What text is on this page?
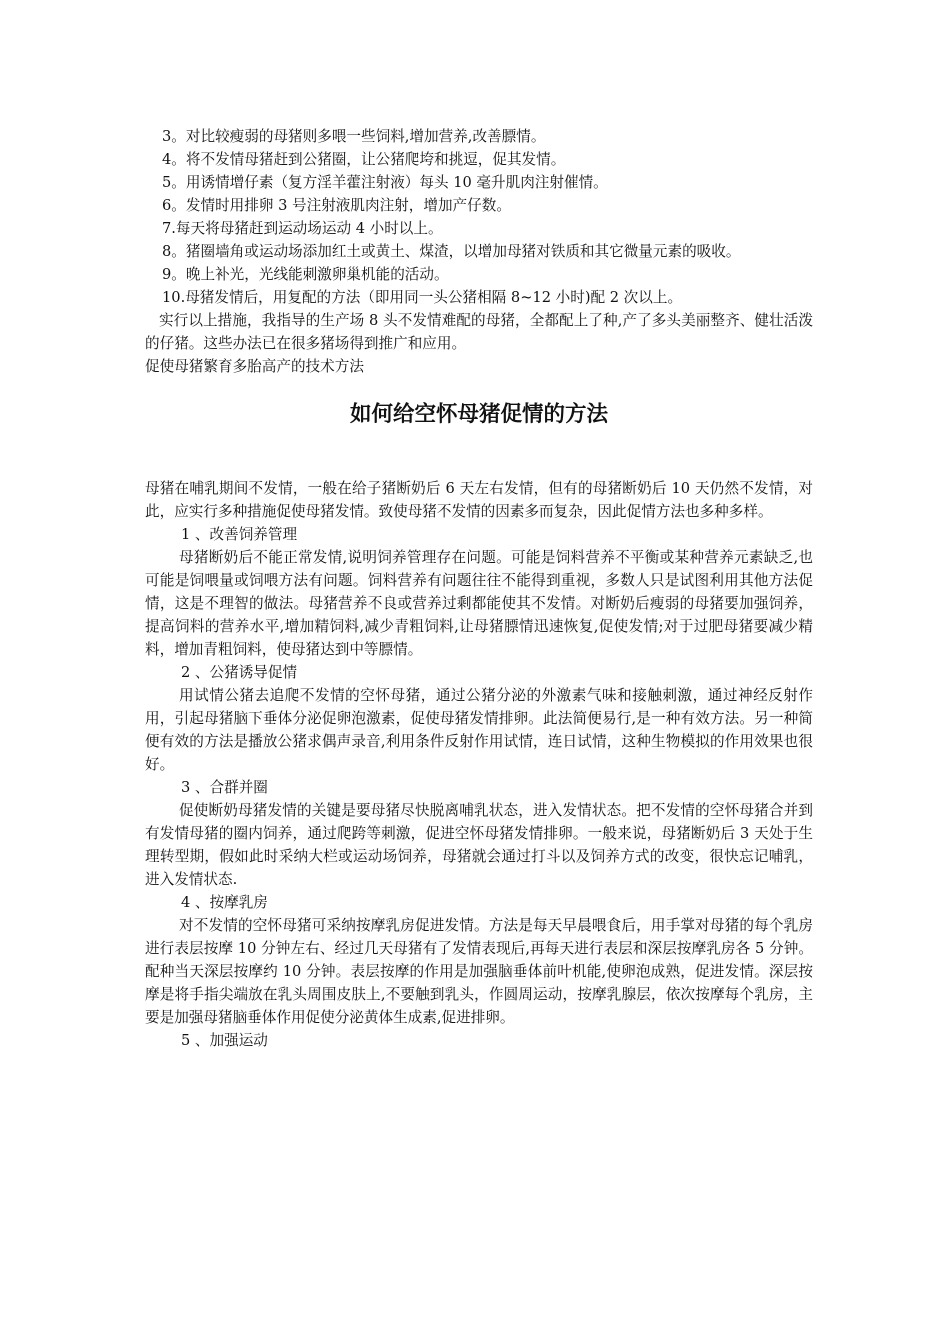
3。对比较瘦弱的母猪则多喂一些饲料,增加营养,改善膘情。
4。将不发情母猪赶到公猪圈，让公猪爬垮和挑逗，促其发情。
5。用诱情增仔素（复方淫羊藿注射液）每头 10 毫升肌肉注射催情。
6。发情时用排卵 3 号注射液肌肉注射，增加产仔数。
7.每天将母猪赶到运动场运动 4 小时以上。
8。猪圈墙角或运动场添加红土或黄土、煤渣，以增加母猪对铁质和其它微量元素的吸收。
9。晚上补光，光线能刺激卵巢机能的活动。
10.母猪发情后，用复配的方法（即用同一头公猪相隔 8~12 小时)配 2 次以上。

实行以上措施，我指导的生产场 8 头不发情难配的母猪，全都配上了种,产了多头美丽整齐、健壮活泼的仔猪。这些办法已在很多猪场得到推广和应用。

促使母猪繁育多胎高产的技术方法
如何给空怀母猪促情的方法

母猪在哺乳期间不发情，一般在给子猪断奶后 6 天左右发情，但有的母猪断奶后 10 天仍然不发情，对此，应实行多种措施促使母猪发情。致使母猪不发情的因素多而复杂，因此促情方法也多种多样。

1 、改善饲养管理

母猪断奶后不能正常发情,说明饲养管理存在问题。可能是饲料营养不平衡或某种营养元素缺乏,也可能是饲喂量或饲喂方法有问题。饲料营养有问题往往不能得到重视，多数人只是试图利用其他方法促情，这是不理智的做法。母猪营养不良或营养过剩都能使其不发情。对断奶后瘦弱的母猪要加强饲养，提高饲料的营养水平,增加精饲料,减少青粗饲料,让母猪膘情迅速恢复,促使发情;对于过肥母猪要减少精料，增加青粗饲料，使母猪达到中等膘情。

2 、公猪诱导促情

用试情公猪去追爬不发情的空怀母猪，通过公猪分泌的外激素气味和接触刺激，通过神经反射作用，引起母猪脑下垂体分泌促卵泡激素，促使母猪发情排卵。此法简便易行,是一种有效方法。另一种简便有效的方法是播放公猪求偶声录音,利用条件反射作用试情，连日试情，这种生物模拟的作用效果也很好。

3 、合群并圈

促使断奶母猪发情的关键是要母猪尽快脱离哺乳状态，进入发情状态。把不发情的空怀母猪合并到有发情母猪的圈内饲养，通过爬跨等刺激，促进空怀母猪发情排卵。一般来说，母猪断奶后 3 天处于生理转型期，假如此时采纳大栏或运动场饲养，母猪就会通过打斗以及饲养方式的改变，很快忘记哺乳，进入发情状态.

4 、按摩乳房

对不发情的空怀母猪可采纳按摩乳房促进发情。方法是每天早晨喂食后，用手掌对母猪的每个乳房进行表层按摩 10 分钟左右、经过几天母猪有了发情表现后,再每天进行表层和深层按摩乳房各 5 分钟。配种当天深层按摩约 10 分钟。表层按摩的作用是加强脑垂体前叶机能,使卵泡成熟，促进发情。深层按摩是将手指尖端放在乳头周围皮肤上,不要触到乳头，作圆周运动，按摩乳腺层，依次按摩每个乳房，主要是加强母猪脑垂体作用促使分泌黄体生成素,促进排卵。

5 、加强运动
